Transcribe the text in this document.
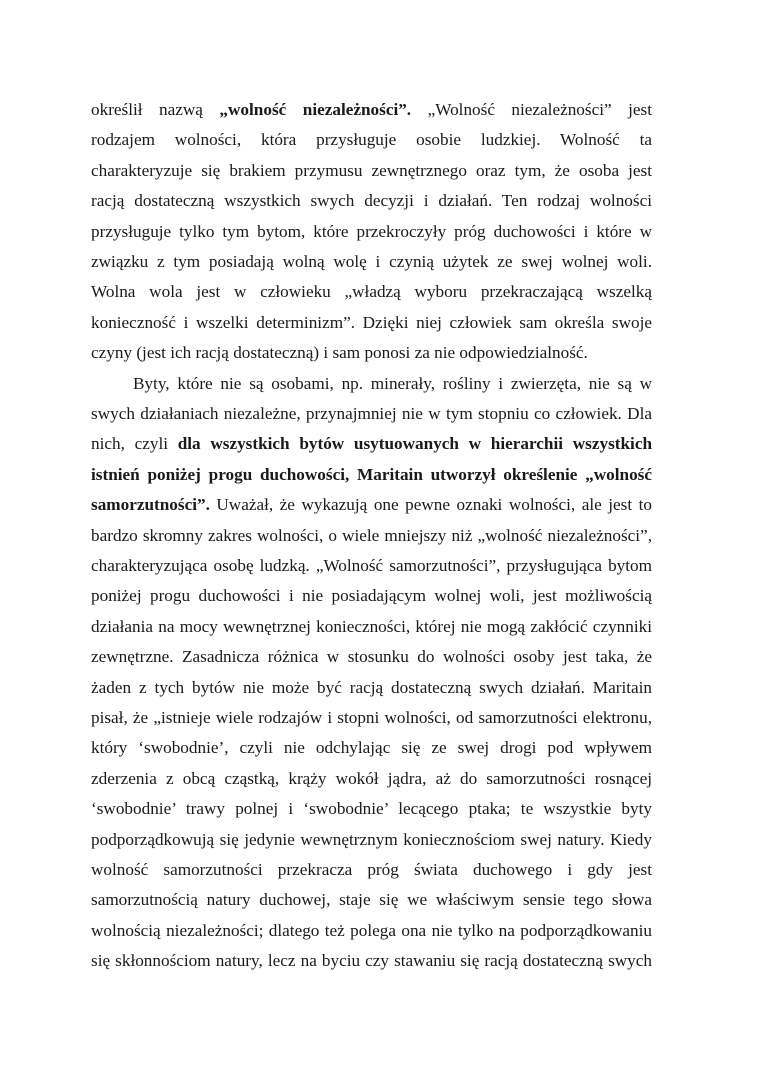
określił nazwą „wolność niezależności”. „Wolność niezależności” jest
rodzajem wolności, która przysługuje osobie ludzkiej. Wolność ta
charakteryzuje się brakiem przymusu zewnętrznego oraz tym, że osoba jest
racją dostateczną wszystkich swych decyzji i działań. Ten rodzaj wolności
przysługuje tylko tym bytom, które przekroczyły próg duchowości i które w
związku z tym posiadają wolną wolę i czynią użytek ze swej wolnej woli.
Wolna wola jest w człowieku „władzą wyboru przekraczającą wszelką
konieczność i wszelki determinizm”. Dzięki niej człowiek sam określa swoje
czyny (jest ich racją dostateczną) i sam ponosi za nie odpowiedzialność.
Byty, które nie są osobami, np. minerały, rośliny i zwierzęta, nie są w
swych działaniach niezależne, przynajmniej nie w tym stopniu co człowiek. Dla
nich, czyli dla wszystkich bytów usytuowanych w hierarchii wszystkich
istnień poniżej progu duchowości, Maritain utworzył określenie „wolność
samorzutności”. Uważał, że wykazują one pewne oznaki wolności, ale jest to
bardzo skromny zakres wolności, o wiele mniejszy niż „wolność niezależności”,
charakteryzująca osobę ludzką. „Wolność samorzutności”, przysługująca bytom
poniżej progu duchowości i nie posiadającym wolnej woli, jest możliwością
działania na mocy wewnętrznej konieczności, której nie mogą zakłócić czynniki
zewnętrzne. Zasadnicza różnica w stosunku do wolności osoby jest taka, że
żaden z tych bytów nie może być racją dostateczną swych działań. Maritain
pisał, że „istnieje wiele rodzajów i stopni wolności, od samorzutności elektronu,
który ‘swobodnie’, czyli nie odchylając się ze swej drogi pod wpływem
zderzenia z obcą cząstką, krąży wokół jądra, aż do samorzutności rosnącej
‘swobodnie’ trawy polnej i ‘swobodnie’ lecącego ptaka; te wszystkie byty
podporządkowują się jedynie wewnętrznym koniecznościom swej natury. Kiedy
wolność samorzutności przekracza próg świata duchowego i gdy jest
samorzutnością natury duchowej, staje się we właściwym sensie tego słowa
wolnością niezależności; dlatego też polega ona nie tylko na podporządkowaniu
się skłonnościom natury, lecz na byciu czy stawaniu się racją dostateczną swych
